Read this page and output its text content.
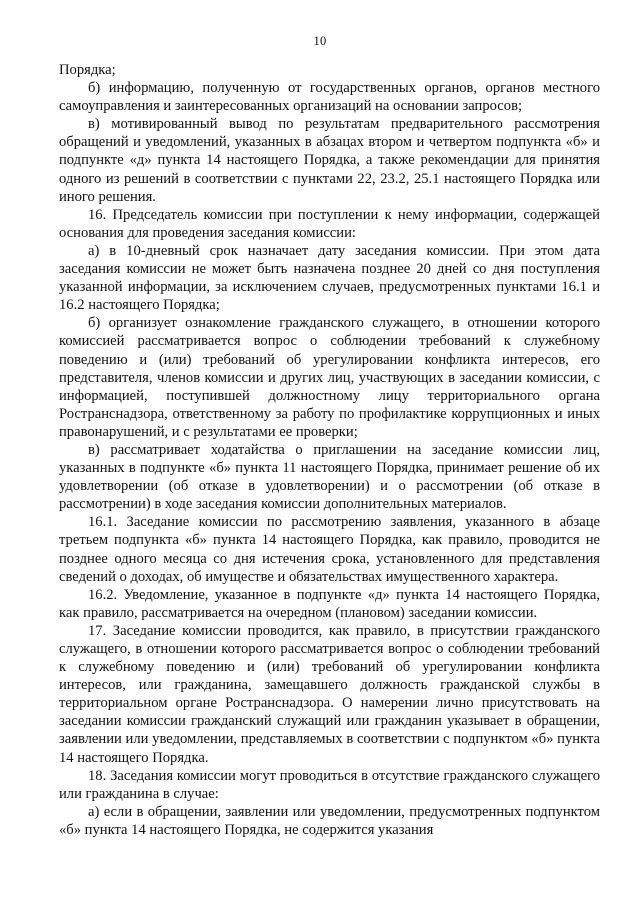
10

Порядка;

б) информацию, полученную от государственных органов, органов местного самоуправления и заинтересованных организаций на основании запросов;

в) мотивированный вывод по результатам предварительного рассмотрения обращений и уведомлений, указанных в абзацах втором и четвертом подпункта «б» и подпункте «д» пункта 14 настоящего Порядка, а также рекомендации для принятия одного из решений в соответствии с пунктами 22, 23.2, 25.1 настоящего Порядка или иного решения.

16. Председатель комиссии при поступлении к нему информации, содержащей основания для проведения заседания комиссии:

а) в 10-дневный срок назначает дату заседания комиссии. При этом дата заседания комиссии не может быть назначена позднее 20 дней со дня поступления указанной информации, за исключением случаев, предусмотренных пунктами 16.1 и 16.2 настоящего Порядка;

б) организует ознакомление гражданского служащего, в отношении которого комиссией рассматривается вопрос о соблюдении требований к служебному поведению и (или) требований об урегулировании конфликта интересов, его представителя, членов комиссии и других лиц, участвующих в заседании комиссии, с информацией, поступившей должностному лицу территориального органа Ространснадзора, ответственному за работу по профилактике коррупционных и иных правонарушений, и с результатами ее проверки;

в) рассматривает ходатайства о приглашении на заседание комиссии лиц, указанных в подпункте «б» пункта 11 настоящего Порядка, принимает решение об их удовлетворении (об отказе в удовлетворении) и о рассмотрении (об отказе в рассмотрении) в ходе заседания комиссии дополнительных материалов.

16.1. Заседание комиссии по рассмотрению заявления, указанного в абзаце третьем подпункта «б» пункта 14 настоящего Порядка, как правило, проводится не позднее одного месяца со дня истечения срока, установленного для представления сведений о доходах, об имуществе и обязательствах имущественного характера.

16.2. Уведомление, указанное в подпункте «д» пункта 14 настоящего Порядка, как правило, рассматривается на очередном (плановом) заседании комиссии.

17. Заседание комиссии проводится, как правило, в присутствии гражданского служащего, в отношении которого рассматривается вопрос о соблюдении требований к служебному поведению и (или) требований об урегулировании конфликта интересов, или гражданина, замещавшего должность гражданской службы в территориальном органе Ространснадзора. О намерении лично присутствовать на заседании комиссии гражданский служащий или гражданин указывает в обращении, заявлении или уведомлении, представляемых в соответствии с подпунктом «б» пункта 14 настоящего Порядка.

18. Заседания комиссии могут проводиться в отсутствие гражданского служащего или гражданина в случае:

а) если в обращении, заявлении или уведомлении, предусмотренных подпунктом «б» пункта 14 настоящего Порядка, не содержится указания
